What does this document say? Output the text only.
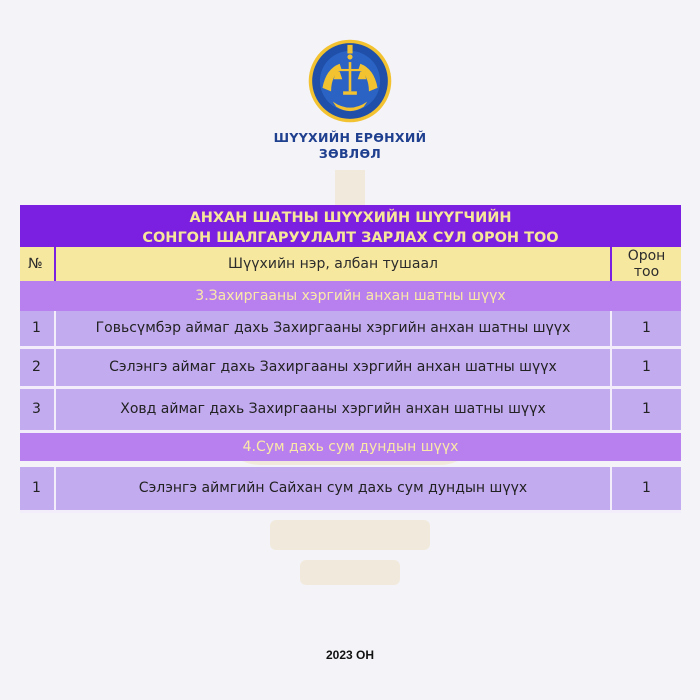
ШҮҮХИЙН ЕРӨНХИЙ
ЗӨВЛӨЛ
АНХАН ШАТНЫ ШҮҮХИЙН ШҮҮГЧИЙН
СОНГОН ШАЛГАРУУЛАЛТ ЗАРЛАХ СУЛ ОРОН ТОО
№	Шүүхийн нэр, албан тушаал	Орон тоо
3.Захиргааны хэргийн анхан шатны шүүх		
1	Говьсүмбэр аймаг дахь Захиргааны хэргийн анхан шатны шүүх	1
2	Сэлэнгэ аймаг дахь Захиргааны хэргийн анхан шатны шүүх	1
3	Ховд аймаг дахь Захиргааны хэргийн анхан шатны шүүх	1
4.Сум дахь сум дундын шүүх		

1	Сэлэнгэ аймгийн Сайхан сум дахь сум дундын шүүх	1
2023 ОН
